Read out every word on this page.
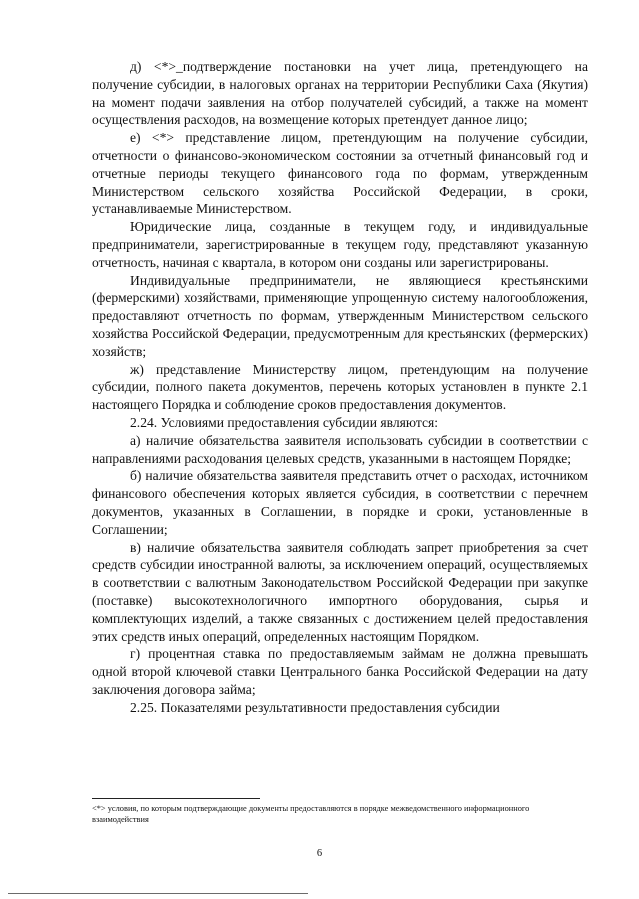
д) <*>_подтверждение постановки на учет лица, претендующего на получение субсидии, в налоговых органах на территории Республики Саха (Якутия) на момент подачи заявления на отбор получателей субсидий, а также на момент осуществления расходов, на возмещение которых претендует данное лицо;

е) <*> представление лицом, претендующим на получение субсидии, отчетности о финансово-экономическом состоянии за отчетный финансовый год и отчетные периоды текущего финансового года по формам, утвержденным Министерством сельского хозяйства Российской Федерации, в сроки, устанавливаемые Министерством.

Юридические лица, созданные в текущем году, и индивидуальные предприниматели, зарегистрированные в текущем году, представляют указанную отчетность, начиная с квартала, в котором они созданы или зарегистрированы.

Индивидуальные предприниматели, не являющиеся крестьянскими (фермерскими) хозяйствами, применяющие упрощенную систему налогообложения, предоставляют отчетность по формам, утвержденным Министерством сельского хозяйства Российской Федерации, предусмотренным для крестьянских (фермерских) хозяйств;

ж) представление Министерству лицом, претендующим на получение субсидии, полного пакета документов, перечень которых установлен в пункте 2.1 настоящего Порядка и соблюдение сроков предоставления документов.

2.24. Условиями предоставления субсидии являются:

а) наличие обязательства заявителя использовать субсидии в соответствии с направлениями расходования целевых средств, указанными в настоящем Порядке;

б) наличие обязательства заявителя представить отчет о расходах, источником финансового обеспечения которых является субсидия, в соответствии с перечнем документов, указанных в Соглашении, в порядке и сроки, установленные в Соглашении;

в) наличие обязательства заявителя соблюдать запрет приобретения за счет средств субсидии иностранной валюты, за исключением операций, осуществляемых в соответствии с валютным Законодательством Российской Федерации при закупке (поставке) высокотехнологичного импортного оборудования, сырья и комплектующих изделий, а также связанных с достижением целей предоставления этих средств иных операций, определенных настоящим Порядком.

г) процентная ставка по предоставляемым займам не должна превышать одной второй ключевой ставки Центрального банка Российской Федерации на дату заключения договора займа;

2.25. Показателями результативности предоставления субсидии

<*> условия, по которым подтверждающие документы предоставляются в порядке межведомственного информационного взаимодействия

6
